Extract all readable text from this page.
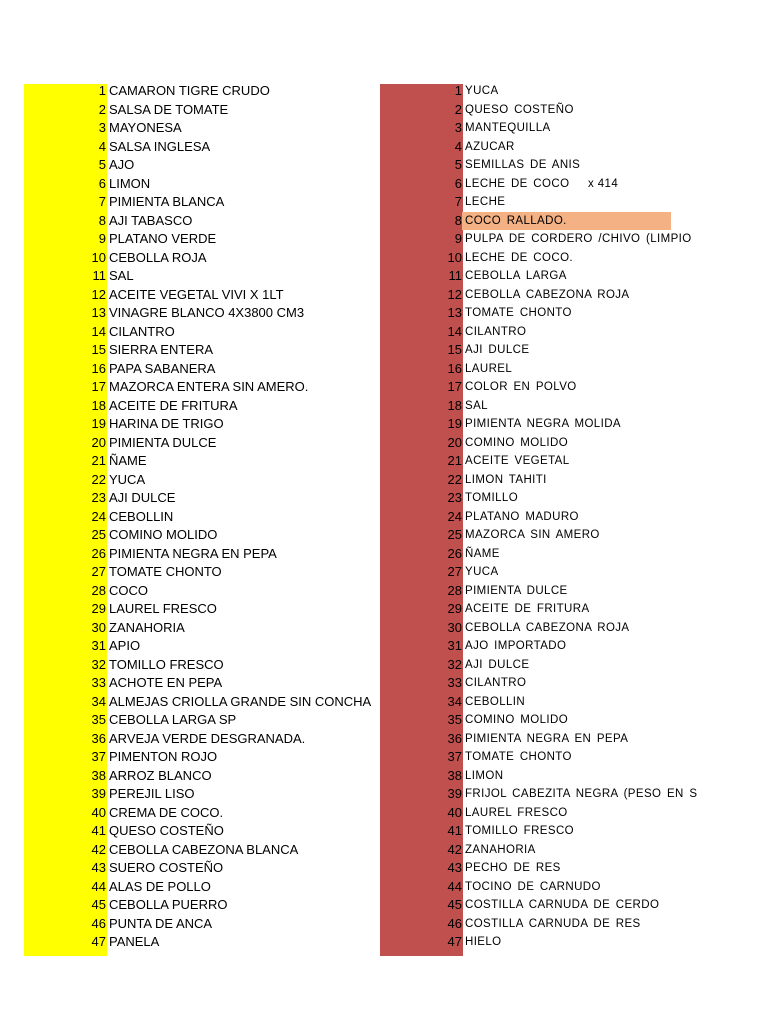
1 CAMARON TIGRE CRUDO
2 SALSA DE TOMATE
3 MAYONESA
4 SALSA INGLESA
5 AJO
6 LIMON
7 PIMIENTA BLANCA
8 AJI TABASCO
9 PLATANO VERDE
10 CEBOLLA ROJA
11 SAL
12 ACEITE VEGETAL VIVI X 1LT
13 VINAGRE BLANCO 4X3800 CM3
14 CILANTRO
15 SIERRA ENTERA
16 PAPA SABANERA
17 MAZORCA ENTERA SIN AMERO.
18 ACEITE DE FRITURA
19 HARINA DE TRIGO
20 PIMIENTA DULCE
21 ÑAME
22 YUCA
23 AJI DULCE
24 CEBOLLIN
25 COMINO MOLIDO
26 PIMIENTA NEGRA EN PEPA
27 TOMATE CHONTO
28 COCO
29 LAUREL FRESCO
30 ZANAHORIA
31 APIO
32 TOMILLO FRESCO
33 ACHOTE EN PEPA
34 ALMEJAS CRIOLLA GRANDE SIN CONCHA
35 CEBOLLA LARGA SP
36 ARVEJA VERDE DESGRANADA.
37 PIMENTON ROJO
38 ARROZ BLANCO
39 PEREJIL LISO
40 CREMA DE COCO.
41 QUESO COSTEÑO
42 CEBOLLA CABEZONA BLANCA
43 SUERO COSTEÑO
44 ALAS DE POLLO
45 CEBOLLA PUERRO
46 PUNTA DE ANCA
47 PANELA
1 YUCA
2 QUESO COSTEÑO
3 MANTEQUILLA
4 AZUCAR
5 SEMILLAS DE ANIS
6 LECHE DE COCO	x 414
7 LECHE
8 COCO RALLADO.
9 PULPA DE CORDERO /CHIVO (LIMPIO
10 LECHE DE COCO.
11 CEBOLLA LARGA
12 CEBOLLA CABEZONA ROJA
13 TOMATE CHONTO
14 CILANTRO
15 AJI DULCE
16 LAUREL
17 COLOR EN POLVO
18 SAL
19 PIMIENTA NEGRA MOLIDA
20 COMINO MOLIDO
21 ACEITE VEGETAL
22 LIMON TAHITI
23 TOMILLO
24 PLATANO MADURO
25 MAZORCA SIN AMERO
26 ÑAME
27 YUCA
28 PIMIENTA DULCE
29 ACEITE DE FRITURA
30 CEBOLLA CABEZONA ROJA
31 AJO IMPORTADO
32 AJI DULCE
33 CILANTRO
34 CEBOLLIN
35 COMINO MOLIDO
36 PIMIENTA NEGRA EN PEPA
37 TOMATE CHONTO
38 LIMON
39 FRIJOL CABEZITA NEGRA (PESO EN S
40 LAUREL FRESCO
41 TOMILLO FRESCO
42 ZANAHORIA
43 PECHO DE RES
44 TOCINO DE CARNUDO
45 COSTILLA CARNUDA DE CERDO
46 COSTILLA CARNUDA DE RES
47 HIELO
